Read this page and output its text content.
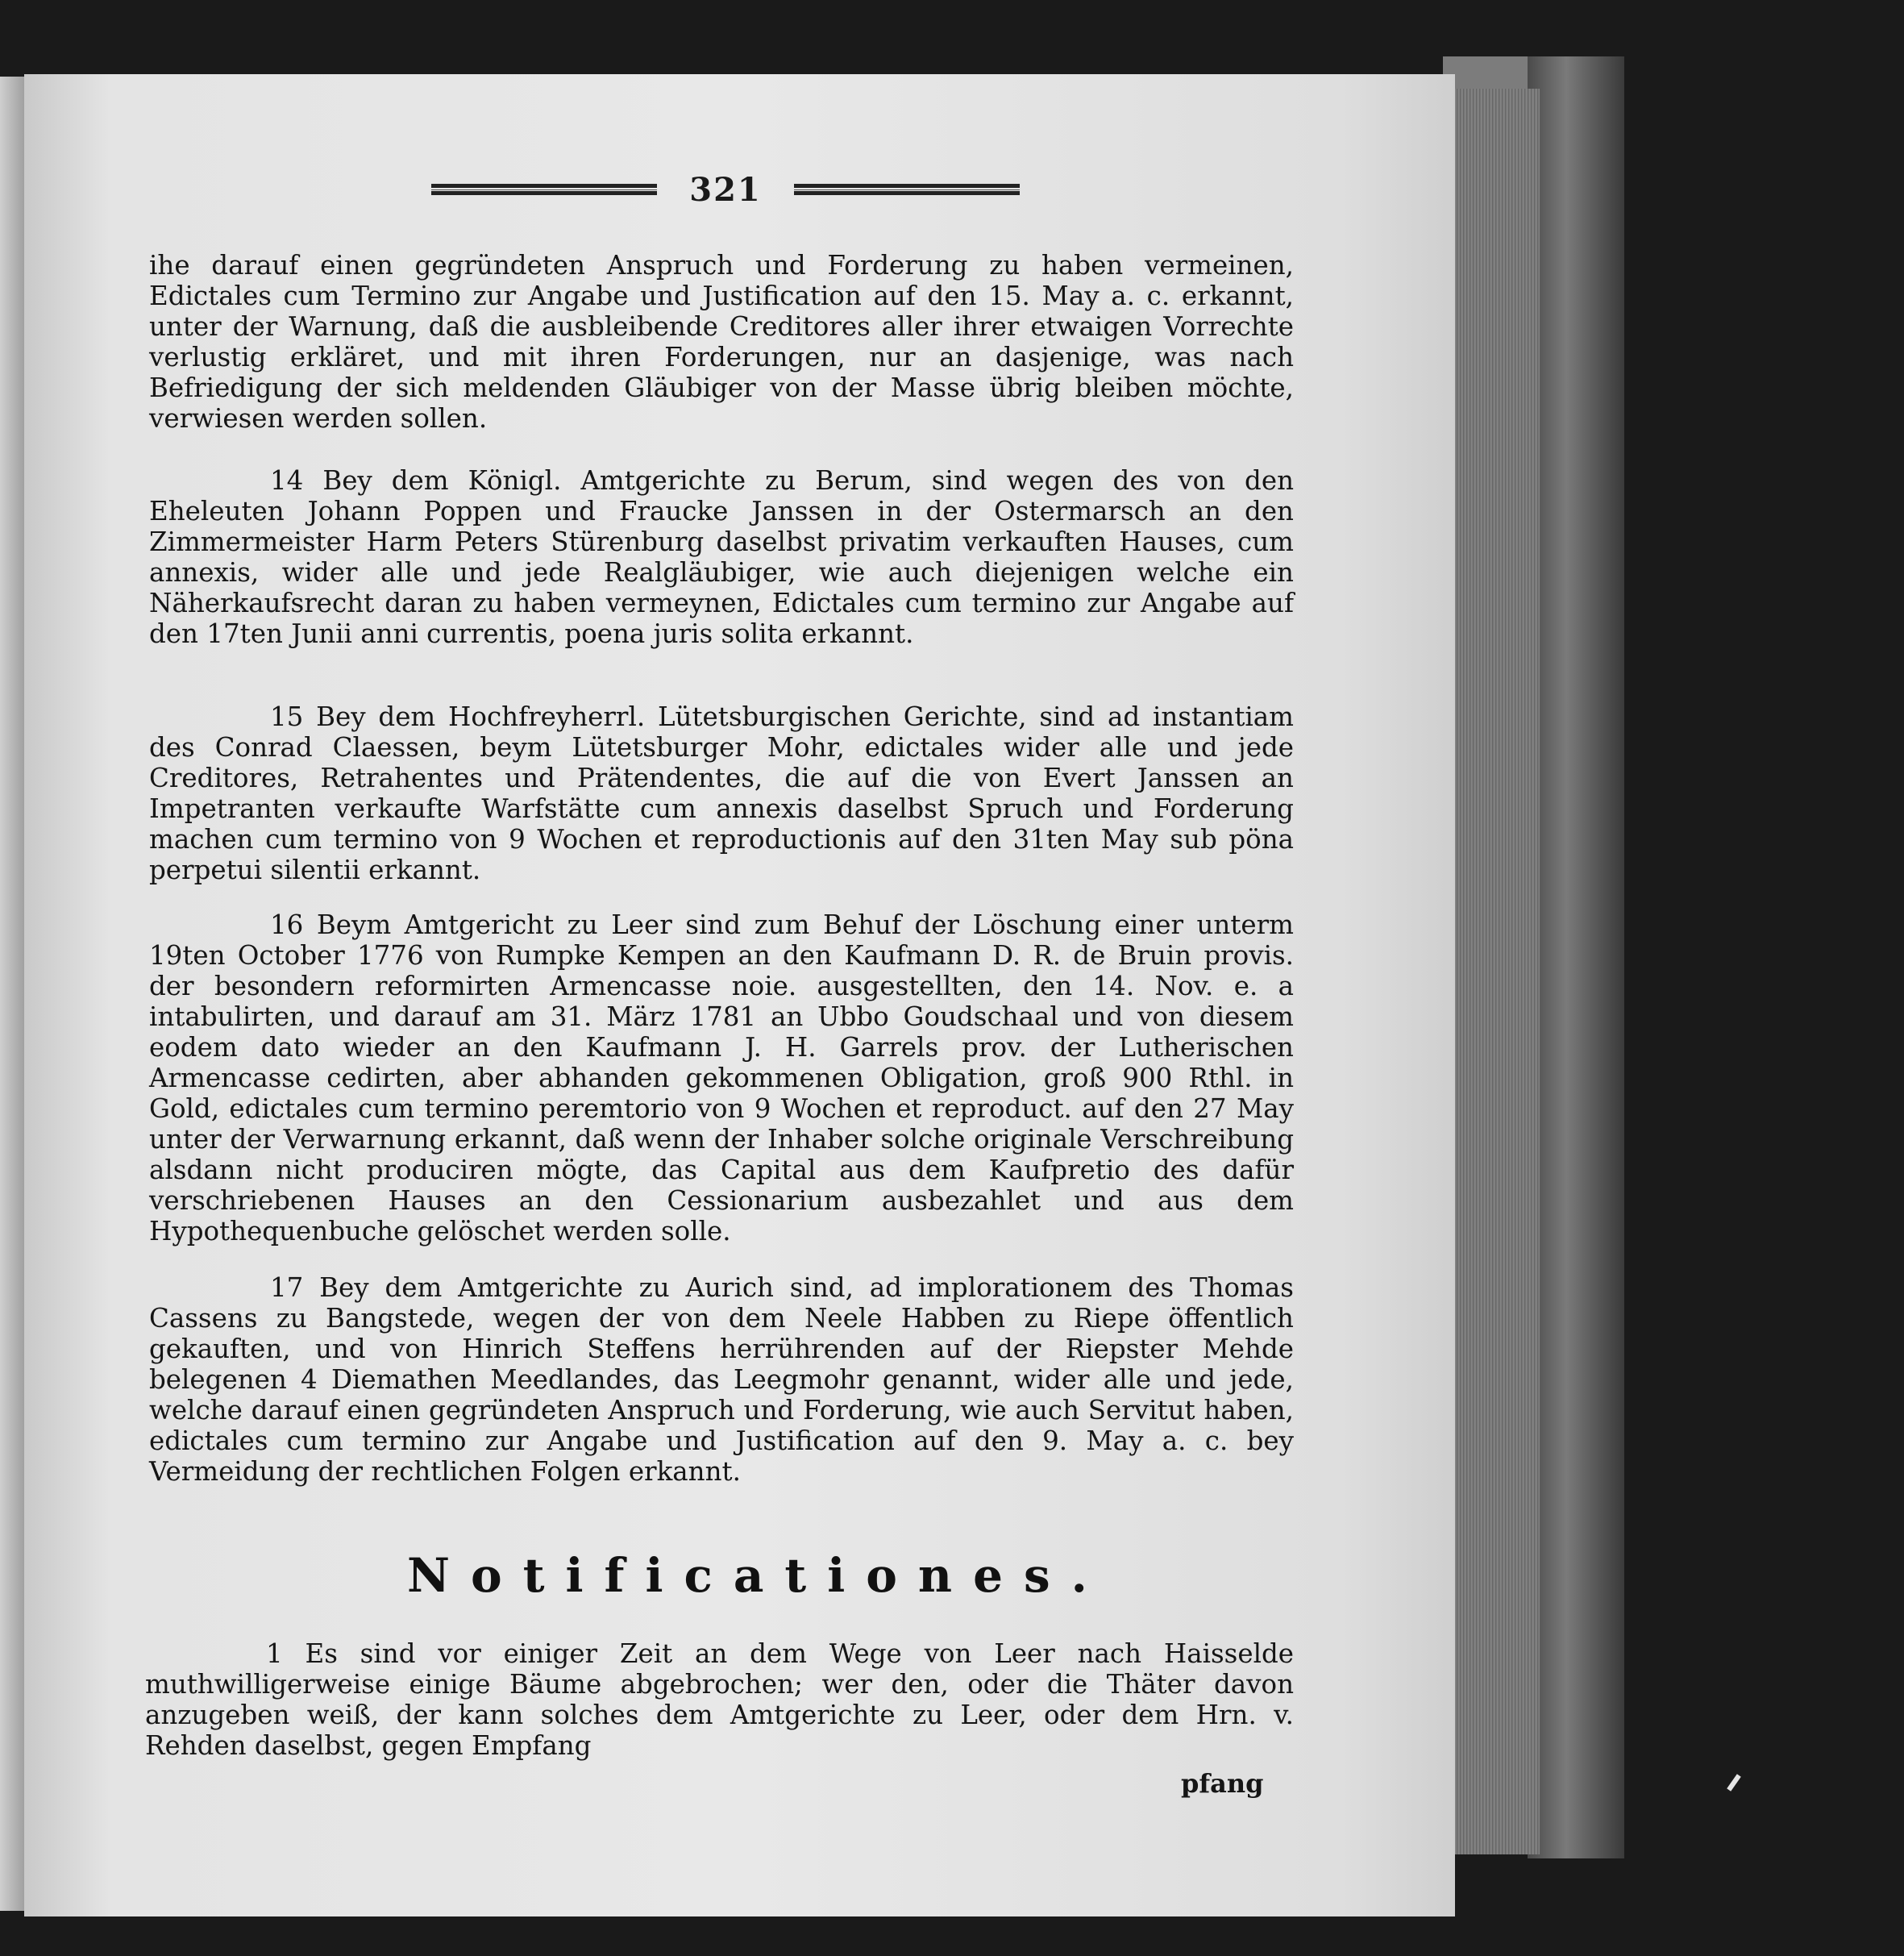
321

ihe darauf einen gegründeten Anspruch und Forderung zu haben vermeinen, Edictales cum Termino zur Angabe und Justification auf den 15. May a. c. erkannt, unter der Warnung, daß die ausbleibende Creditores aller ihrer etwaigen Vorrechte verlustig erkläret, und mit ihren Forderungen, nur an dasjenige, was nach Befriedigung der sich meldenden Gläubiger von der Masse übrig bleiben möchte, verwiesen werden sollen.

14 Bey dem Königl. Amtgerichte zu Berum, sind wegen des von den Eheleuten Johann Poppen und Fraucke Janssen in der Ostermarsch an den Zimmermeister Harm Peters Stürenburg daselbst privatim verkauften Hauses, cum annexis, wider alle und jede Realgläubiger, wie auch diejenigen welche ein Näherkaufsrecht daran zu haben vermeynen, Edictales cum termino zur Angabe auf den 17ten Junii anni currentis, poena juris solita erkannt.

15 Bey dem Hochfreyherrl. Lütetsburgischen Gerichte, sind ad instantiam des Conrad Claessen, beym Lütetsburger Mohr, edictales wider alle und jede Creditores, Retrahentes und Prätendentes, die auf die von Evert Janssen an Impetranten verkaufte Warfstätte cum annexis daselbst Spruch und Forderung machen cum termino von 9 Wochen et reproductionis auf den 31ten May sub pöna perpetui silentii erkannt.

16 Beym Amtgericht zu Leer sind zum Behuf der Löschung einer unterm 19ten October 1776 von Rumpke Kempen an den Kaufmann D. R. de Bruin provis. der besondern reformirten Armencasse noie. ausgestellten, den 14. Nov. e. a intabulirten, und darauf am 31. März 1781 an Ubbo Goudschaal und von diesem eodem dato wieder an den Kaufmann J. H. Garrels prov. der Lutherischen Armencasse cedirten, aber abhanden gekommenen Obligation, groß 900 Rthl. in Gold, edictales cum termino peremtorio von 9 Wochen et reproduct. auf den 27 May unter der Verwarnung erkannt, daß wenn der Inhaber solche originale Verschreibung alsdann nicht produciren mögte, das Capital aus dem Kaufpretio des dafür verschriebenen Hauses an den Cessionarium ausbezahlet und aus dem Hypothequenbuche gelöschet werden solle.

17 Bey dem Amtgerichte zu Aurich sind, ad implorationem des Thomas Cassens zu Bangstede, wegen der von dem Neele Habben zu Riepe öffentlich gekauften, und von Hinrich Steffens herrührenden auf der Riepster Mehde belegenen 4 Diemathen Meedlandes, das Leegmohr genannt, wider alle und jede, welche darauf einen gegründeten Anspruch und Forderung, wie auch Servitut haben, edictales cum termino zur Angabe und Justification auf den 9. May a. c. bey Vermeidung der rechtlichen Folgen erkannt.

Notificationes.

1 Es sind vor einiger Zeit an dem Wege von Leer nach Haisselde muthwilligerweise einige Bäume abgebrochen; wer den, oder die Thäter davon anzugeben weiß, der kann solches dem Amtgerichte zu Leer, oder dem Hrn. v. Rehden daselbst, gegen Empfang

pfang
